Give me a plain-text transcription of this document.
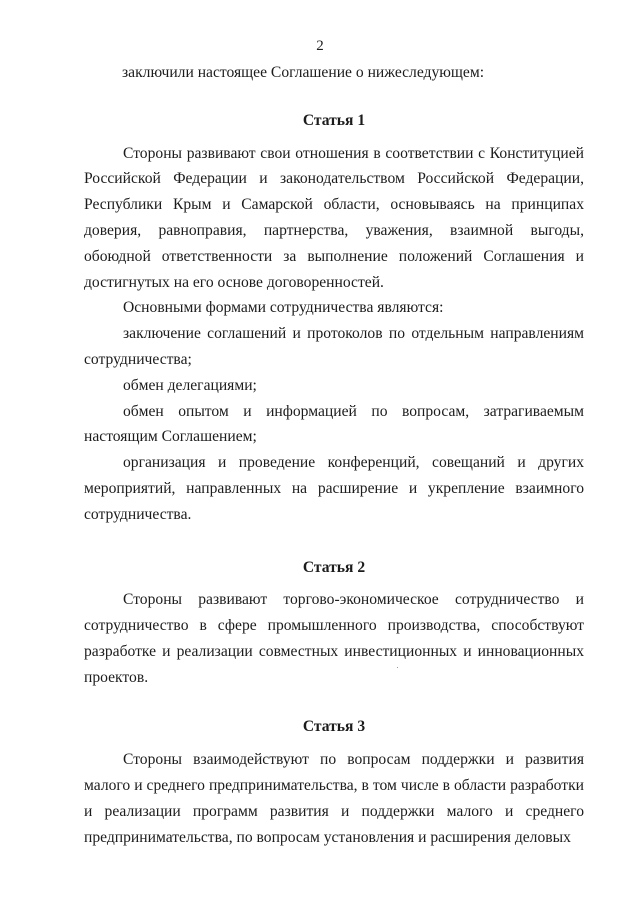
2

заключили настоящее Соглашение о нижеследующем:

Статья 1

Стороны развивают свои отношения в соответствии с Конституцией Российской Федерации и законодательством Российской Федерации, Республики Крым и Самарской области, основываясь на принципах доверия, равноправия, партнерства, уважения, взаимной выгоды, обоюдной ответственности за выполнение положений Соглашения и достигнутых на его основе договоренностей.

Основными формами сотрудничества являются:

заключение соглашений и протоколов по отдельным направлениям сотрудничества;

обмен делегациями;

обмен опытом и информацией по вопросам, затрагиваемым настоящим Соглашением;

организация и проведение конференций, совещаний и других мероприятий, направленных на расширение и укрепление взаимного сотрудничества.

Статья 2

Стороны развивают торгово-экономическое сотрудничество и сотрудничество в сфере промышленного производства, способствуют разработке и реализации совместных инвестиционных и инновационных проектов.

Статья 3

Стороны взаимодействуют по вопросам поддержки и развития малого и среднего предпринимательства, в том числе в области разработки и реализации программ развития и поддержки малого и среднего предпринимательства, по вопросам установления и расширения деловых
